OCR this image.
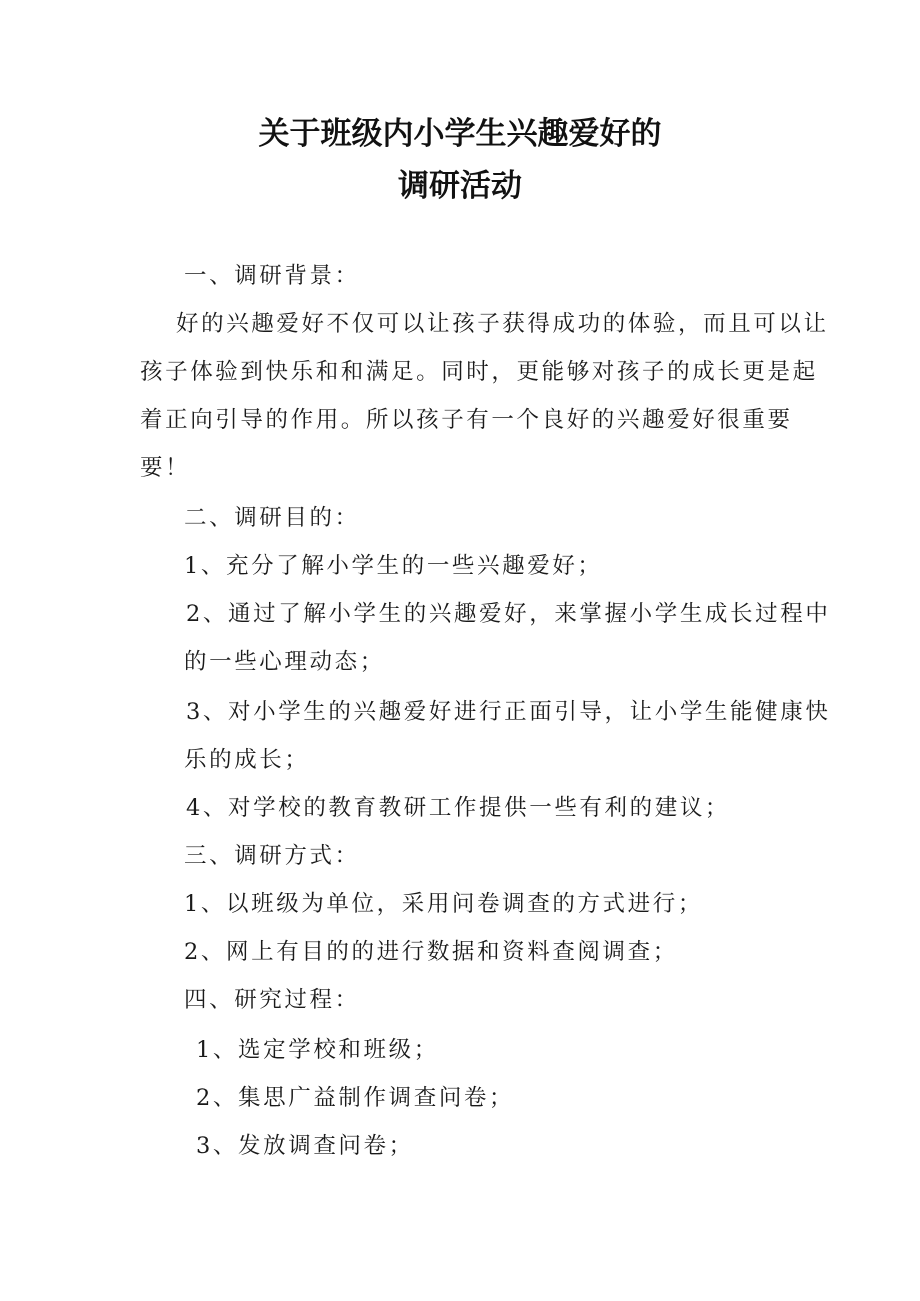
关于班级内小学生兴趣爱好的
调研活动

一、调研背景：

好的兴趣爱好不仅可以让孩子获得成功的体验，而且可以让

孩子体验到快乐和和满足。同时，更能够对孩子的成长更是起

着正向引导的作用。所以孩子有一个良好的兴趣爱好很重要

要！

二、调研目的：

1、充分了解小学生的一些兴趣爱好；

2、通过了解小学生的兴趣爱好，来掌握小学生成长过程中

的一些心理动态；

3、对小学生的兴趣爱好进行正面引导，让小学生能健康快

乐的成长；

4、对学校的教育教研工作提供一些有利的建议；

三、调研方式：

1、以班级为单位，采用问卷调查的方式进行；

2、网上有目的的进行数据和资料查阅调查；

四、研究过程：

1、选定学校和班级；

2、集思广益制作调查问卷；

3、发放调查问卷；
